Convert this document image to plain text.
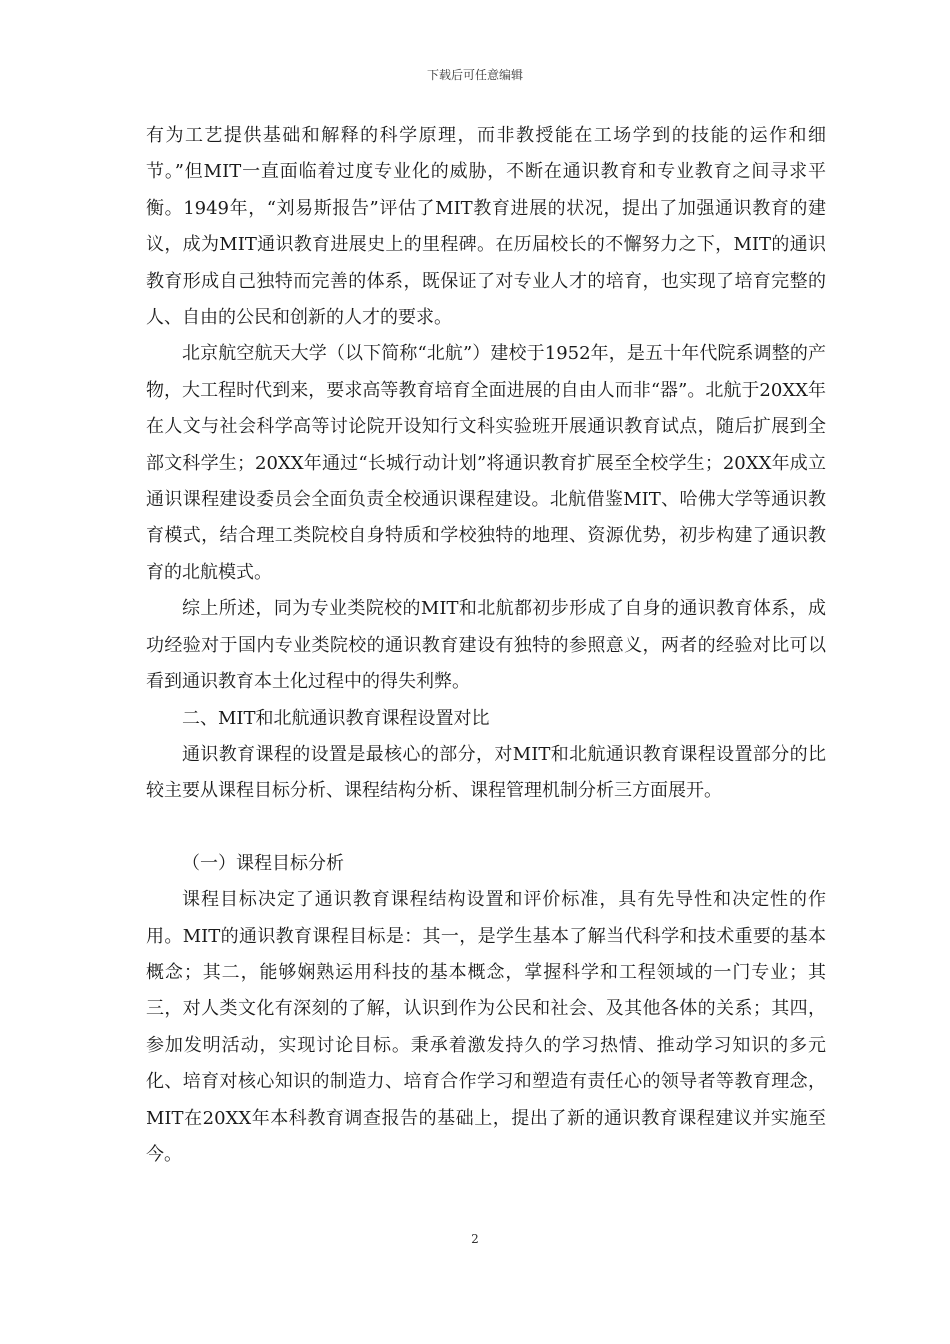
下载后可任意编辑

有为工艺提供基础和解释的科学原理，而非教授能在工场学到的技能的运作和细节。”但MIT一直面临着过度专业化的威胁，不断在通识教育和专业教育之间寻求平衡。1949年，“刘易斯报告”评估了MIT教育进展的状况，提出了加强通识教育的建议，成为MIT通识教育进展史上的里程碑。在历届校长的不懈努力之下，MIT的通识教育形成自己独特而完善的体系，既保证了对专业人才的培育，也实现了培育完整的人、自由的公民和创新的人才的要求。

北京航空航天大学（以下简称“北航”）建校于1952年，是五十年代院系调整的产物，大工程时代到来，要求高等教育培育全面进展的自由人而非“器”。北航于20XX年在人文与社会科学高等讨论院开设知行文科实验班开展通识教育试点，随后扩展到全部文科学生；20XX年通过“长城行动计划”将通识教育扩展至全校学生；20XX年成立通识课程建设委员会全面负责全校通识课程建设。北航借鉴MIT、哈佛大学等通识教育模式，结合理工类院校自身特质和学校独特的地理、资源优势，初步构建了通识教育的北航模式。

综上所述，同为专业类院校的MIT和北航都初步形成了自身的通识教育体系，成功经验对于国内专业类院校的通识教育建设有独特的参照意义，两者的经验对比可以看到通识教育本土化过程中的得失利弊。

二、MIT和北航通识教育课程设置对比

通识教育课程的设置是最核心的部分，对MIT和北航通识教育课程设置部分的比较主要从课程目标分析、课程结构分析、课程管理机制分析三方面展开。

（一）课程目标分析

课程目标决定了通识教育课程结构设置和评价标准，具有先导性和决定性的作用。MIT的通识教育课程目标是：其一，是学生基本了解当代科学和技术重要的基本概念；其二，能够娴熟运用科技的基本概念，掌握科学和工程领域的一门专业；其三，对人类文化有深刻的了解，认识到作为公民和社会、及其他各体的关系；其四，参加发明活动，实现讨论目标。秉承着激发持久的学习热情、推动学习知识的多元化、培育对核心知识的制造力、培育合作学习和塑造有责任心的领导者等教育理念，MIT在20XX年本科教育调查报告的基础上，提出了新的通识教育课程建议并实施至今。

2
